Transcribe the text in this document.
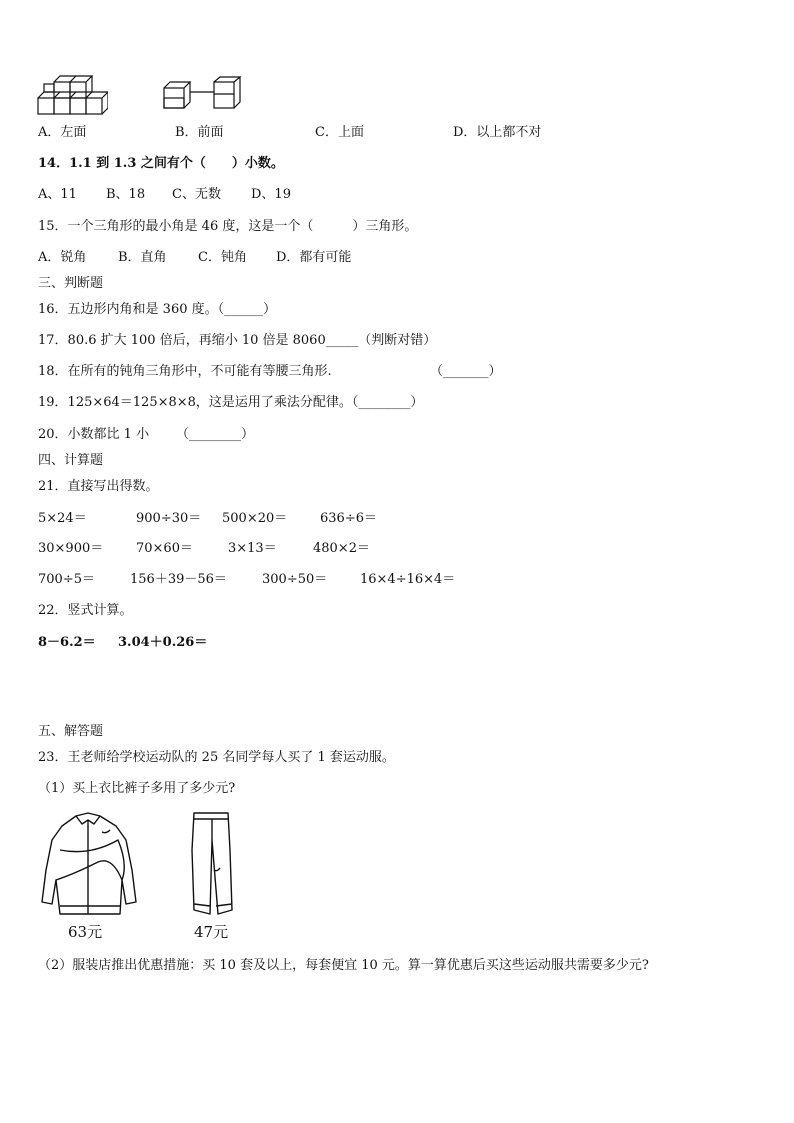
A．左面	B．前面	C．上面	D．以上都不对
14．1.1 到 1.3 之间有个（　　）小数。
A、11 B、18 C、无数 D、19
15．一个三角形的最小角是 46 度，这是一个（　　　）三角形。
A．锐角 B．直角 C．钝角 D．都有可能
三、判断题
16．五边形内角和是 360 度。（______）
17．80.6 扩大 100 倍后，再缩小 10 倍是 8060_____（判断对错）
18．在所有的钝角三角形中，不可能有等腰三角形.	（_______）
19．125×64＝125×8×8，这是运用了乘法分配律。（________）
20．小数都比 1 小 （________）
四、计算题
21．直接写出得数。
5×24＝	900÷30＝ 500×20＝	636÷6＝
30×900＝	70×60＝	3×13＝	480×2＝
700÷5＝	156＋39－56＝	300÷50＝	16×4÷16×4＝
22．竖式计算。
8－6.2＝ 3.04＋0.26＝
五、解答题
23．王老师给学校运动队的 25 名同学每人买了 1 套运动服。
（1）买上衣比裤子多用了多少元?
63元	47元
（2）服装店推出优惠措施：买 10 套及以上，每套便宜 10 元。算一算优惠后买这些运动服共需要多少元?
